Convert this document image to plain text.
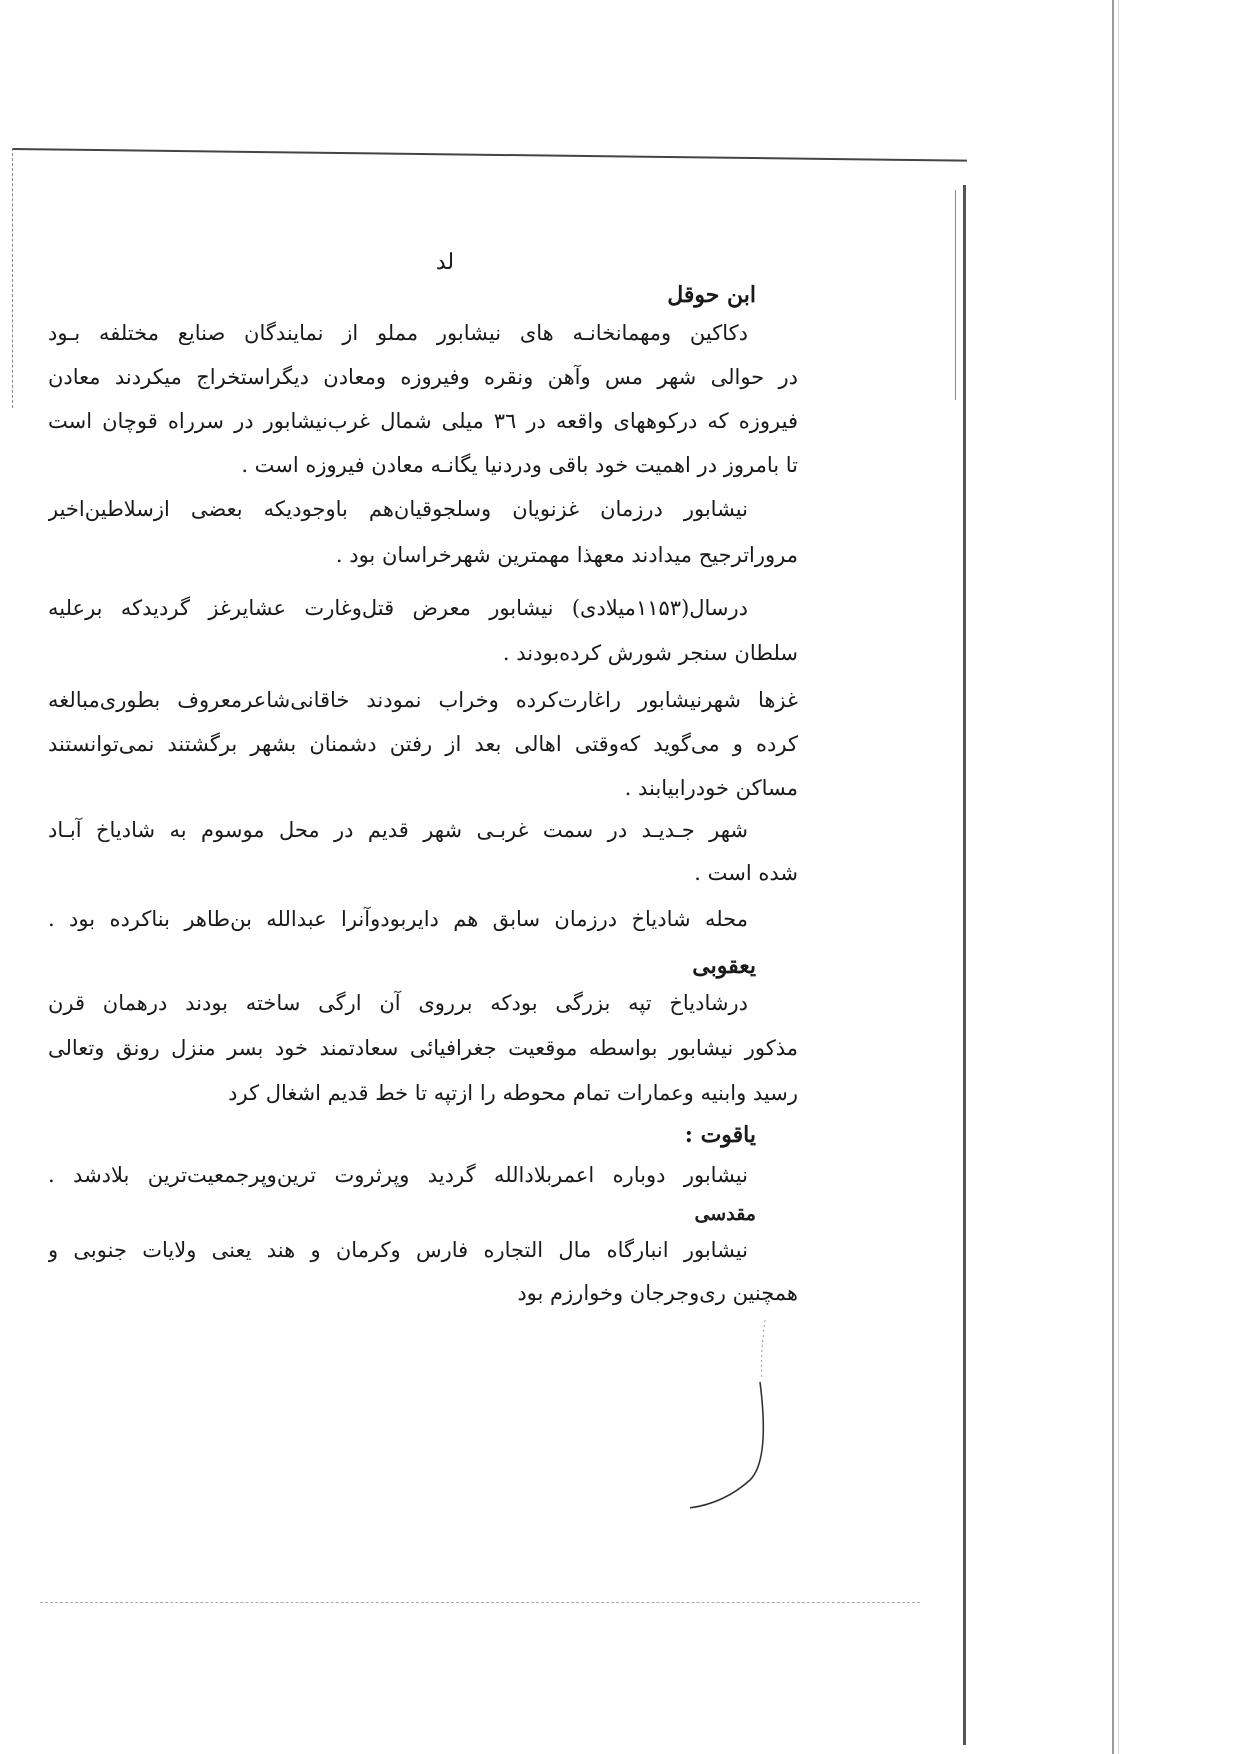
لد
ابن حوقل
دکاکین ومهمانخانـه های نیشابور مملو از نمایندگان صنایع مختلفه بـود
در حوالی شهر مس وآهن ونقره وفیروزه ومعادن دیگراستخراج میکردند معادن
فیروزه که درکوههای واقعه در ۳٦ میلی شمال غرب‌نیشابور در سرراه قوچان است
تا بامروز در اهمیت خود باقی ودردنیا یگانـه معادن فیروزه است .
نیشابور درزمان غزنویان وسلجوقیان‌هم باوجودیکه بعضی ازسلاطین‌اخیر
مرورا‌ترجیح میدادند معهذا مهمترین شهرخراسان بود .
درسال(۱۱۵۳میلادی) نیشابور معرض قتل‌وغارت عشایرغز گردیدکه برعلیه
سلطان سنجر شورش کرده‌بودند .
غزها شهرنیشابور راغارت‌کرده وخراب نمودند خاقانی‌شاعرمعروف بطوری‌مبالغه
کرده و می‌گوید کەوقتی اهالی بعد از رفتن دشمنان بشهر برگشتند نمی‌توانستند
مساکن خودرابیابند .
شهر جـدیـد در سمت غربـی شهر قدیم در محل موسوم به شادیاخ آبـاد
شده است .
محله شادیاخ درزمان سابق هم دایربودوآنرا عبدالله بن‌طاهر بناکرده بود .
یعقوبی
درشادیاخ تپه بزرگی بودکه برروی آن ارگی ساخته بودند درهمان قرن
مذکور نیشابور بواسطه موقعیت جغرافیائی سعادتمند خود بسر منزل رونق وتعالی
رسید وابنیه وعمارات تمام محوطه را ازتپه تا خط قدیم اشغال کرد
یاقوت :
نیشابور دوباره اعمربلادالله گردید وپرثروت ترین‌وپرجمعیت‌ترین بلادشد .
مقدسی
نیشابور انبارگاه مال التجاره فارس وکرمان و هند یعنی ولایات جنوبی و
همچنین ری‌وجرجان وخوارزم بود
